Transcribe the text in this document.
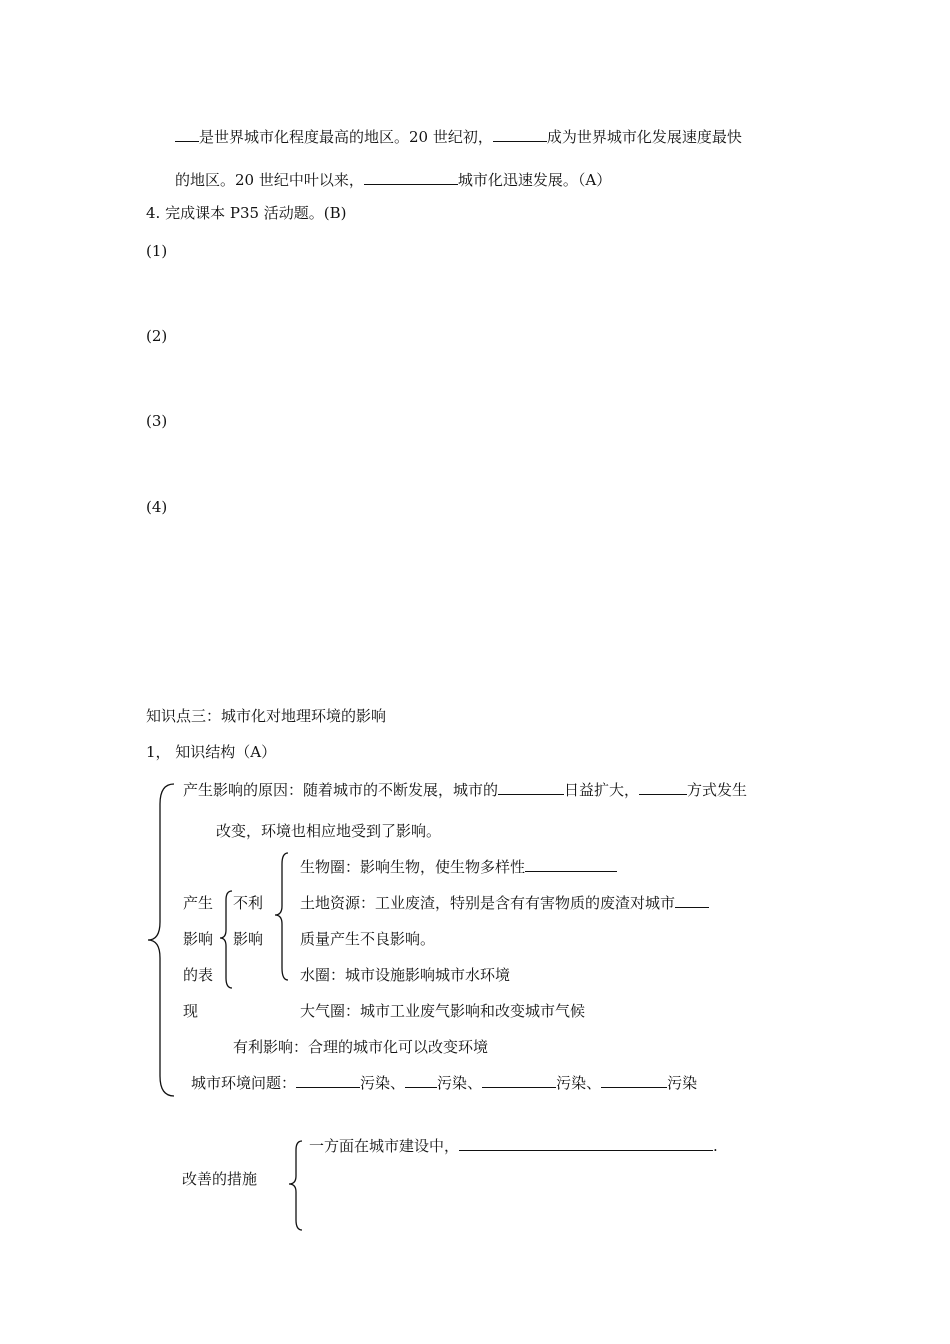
是世界城市化程度最高的地区。20 世纪初，	成为世界城市化发展速度最快
的地区。20 世纪中叶以来，	城市化迅速发展。（A）
4. 完成课本 P35 活动题。(B)
(1)
(2)
(3)
(4)
知识点三：城市化对地理环境的影响
1， 知识结构（A）
产生影响的原因：随着城市的不断发展，城市的	日益扩大，	方式发生
改变，环境也相应地受到了影响。
产生
影响
的表
现
不利
影响
生物圈：影响生物，使生物多样性
土地资源：工业废渣，特别是含有有害物质的废渣对城市
质量产生不良影响。
水圈：城市设施影响城市水环境
大气圈：城市工业废气影响和改变城市气候
有利影响：合理的城市化可以改变环境
城市环境问题：	污染、 污染、	污染、	污染
改善的措施
一方面在城市建设中，	.
